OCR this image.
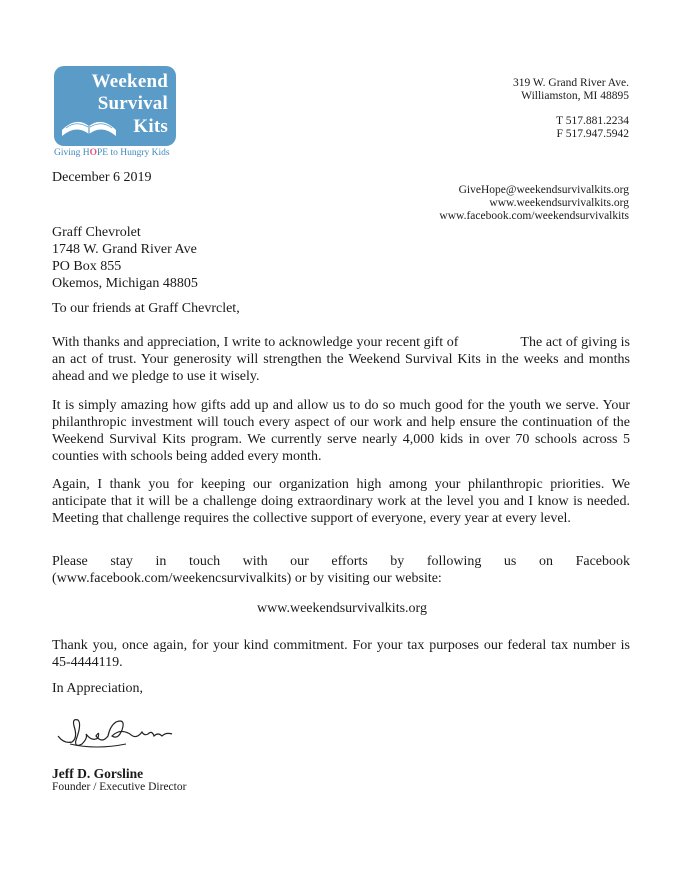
Weekend
Survival
Kits
Giving HOPE to Hungry Kids
319 W. Grand River Ave.
Williamston, MI 48895
T 517.881.2234
F 517.947.5942
GiveHope@weekendsurvivalkits.org
www.weekendsurvivalkits.org
www.facebook.com/weekendsurvivalkits
December 6 2019
Graff Chevrolet
1748 W. Grand River Ave
PO Box 855
Okemos, Michigan 48805
To our friends at Graff Chevrclet,
With thanks and appreciation, I write to acknowledge your recent gift of	The act of giving is an act of trust. Your generosity will strengthen the Weekend Survival Kits in the weeks and months ahead and we pledge to use it wisely.
It is simply amazing how gifts add up and allow us to do so much good for the youth we serve. Your philanthropic investment will touch every aspect of our work and help ensure the continuation of the Weekend Survival Kits program. We currently serve nearly 4,000 kids in over 70 schools across 5 counties with schools being added every month.
Again, I thank you for keeping our organization high among your philanthropic priorities. We anticipate that it will be a challenge doing extraordinary work at the level you and I know is needed. Meeting that challenge requires the collective support of everyone, every year at every level.
Please stay in touch with our efforts by following us on Facebook (www.facebook.com/weekencsurvivalkits) or by visiting our website:
www.weekendsurvivalkits.org
Thank you, once again, for your kind commitment. For your tax purposes our federal tax number is 45-4444119.
In Appreciation,
Jeff D. Gorsline
Founder / Executive Director
